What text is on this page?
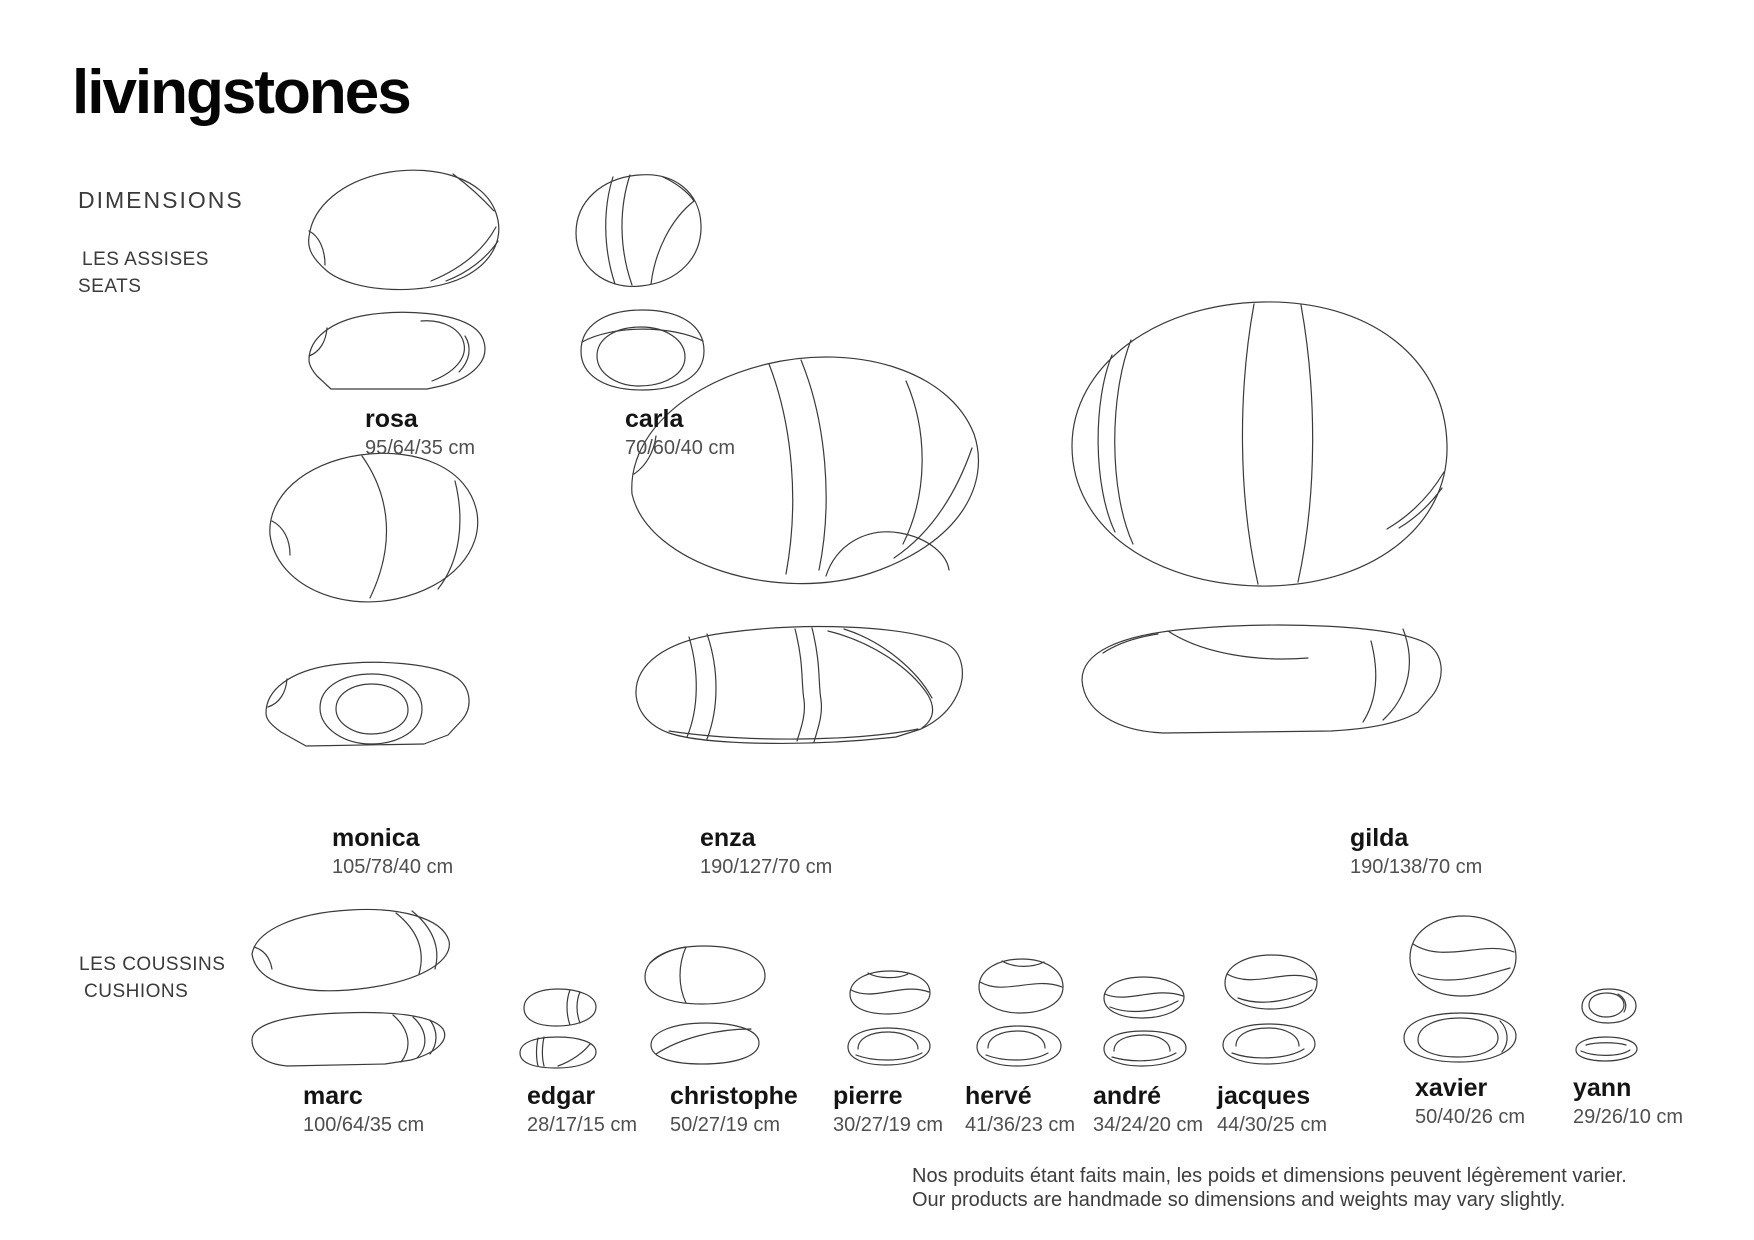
livingstones
DIMENSIONS
LES ASSISES
SEATS
LES COUSSINS
CUSHIONS
rosa
95/64/35 cm
carla
70/60/40 cm
monica
105/78/40 cm
enza
190/127/70 cm
gilda
190/138/70 cm
marc
100/64/35 cm
edgar
28/17/15 cm
christophe
50/27/19 cm
pierre
30/27/19 cm
hervé
41/36/23 cm
andré
34/24/20 cm
jacques
44/30/25 cm
xavier
50/40/26 cm
yann
29/26/10 cm
Nos produits étant faits main, les poids et dimensions peuvent légèrement varier.
Our products are handmade so dimensions and weights may vary slightly.
